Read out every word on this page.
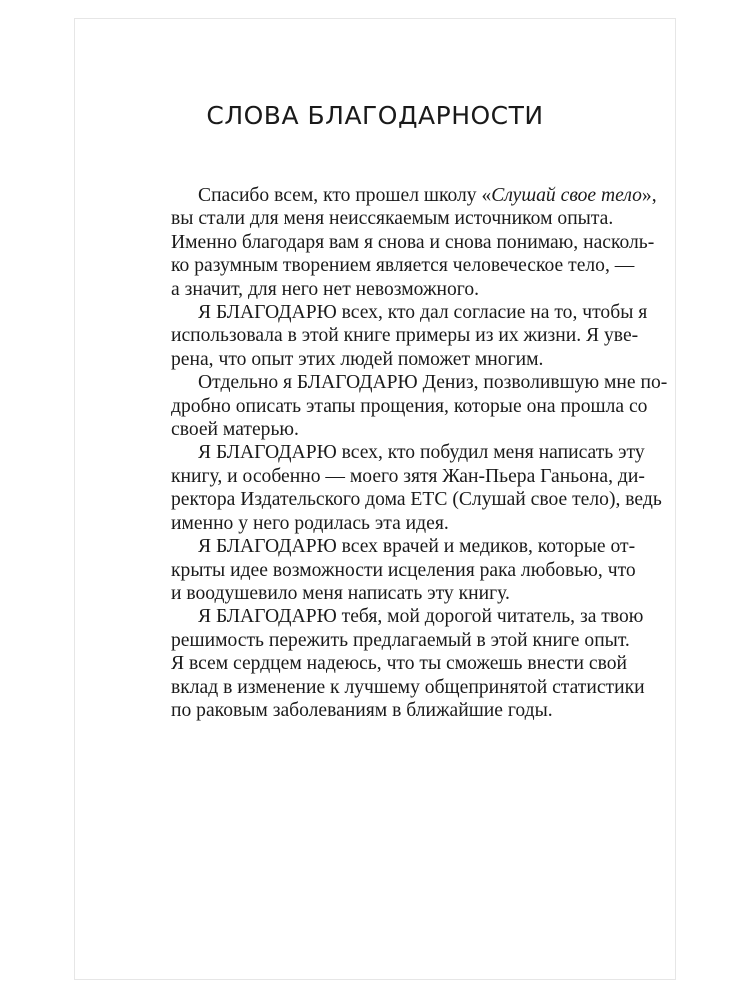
СЛОВА БЛАГОДАРНОСТИ
Спасибо всем, кто прошел школу «Слушай свое тело»,
вы стали для меня неиссякаемым источником опыта.
Именно благодаря вам я снова и снова понимаю, насколь-
ко разумным творением является человеческое тело, —
а значит, для него нет невозможного.
Я БЛАГОДАРЮ всех, кто дал согласие на то, чтобы я
использовала в этой книге примеры из их жизни. Я уве-
рена, что опыт этих людей поможет многим.
Отдельно я БЛАГОДАРЮ Дениз, позволившую мне по-
дробно описать этапы прощения, которые она прошла со
своей матерью.
Я БЛАГОДАРЮ всех, кто побудил меня написать эту
книгу, и особенно — моего зятя Жан-Пьера Ганьона, ди-
ректора Издательского дома ETC (Слушай свое тело), ведь
именно у него родилась эта идея.
Я БЛАГОДАРЮ всех врачей и медиков, которые от-
крыты идее возможности исцеления рака любовью, что
и воодушевило меня написать эту книгу.
Я БЛАГОДАРЮ тебя, мой дорогой читатель, за твою
решимость пережить предлагаемый в этой книге опыт.
Я всем сердцем надеюсь, что ты сможешь внести свой
вклад в изменение к лучшему общепринятой статистики
по раковым заболеваниям в ближайшие годы.
